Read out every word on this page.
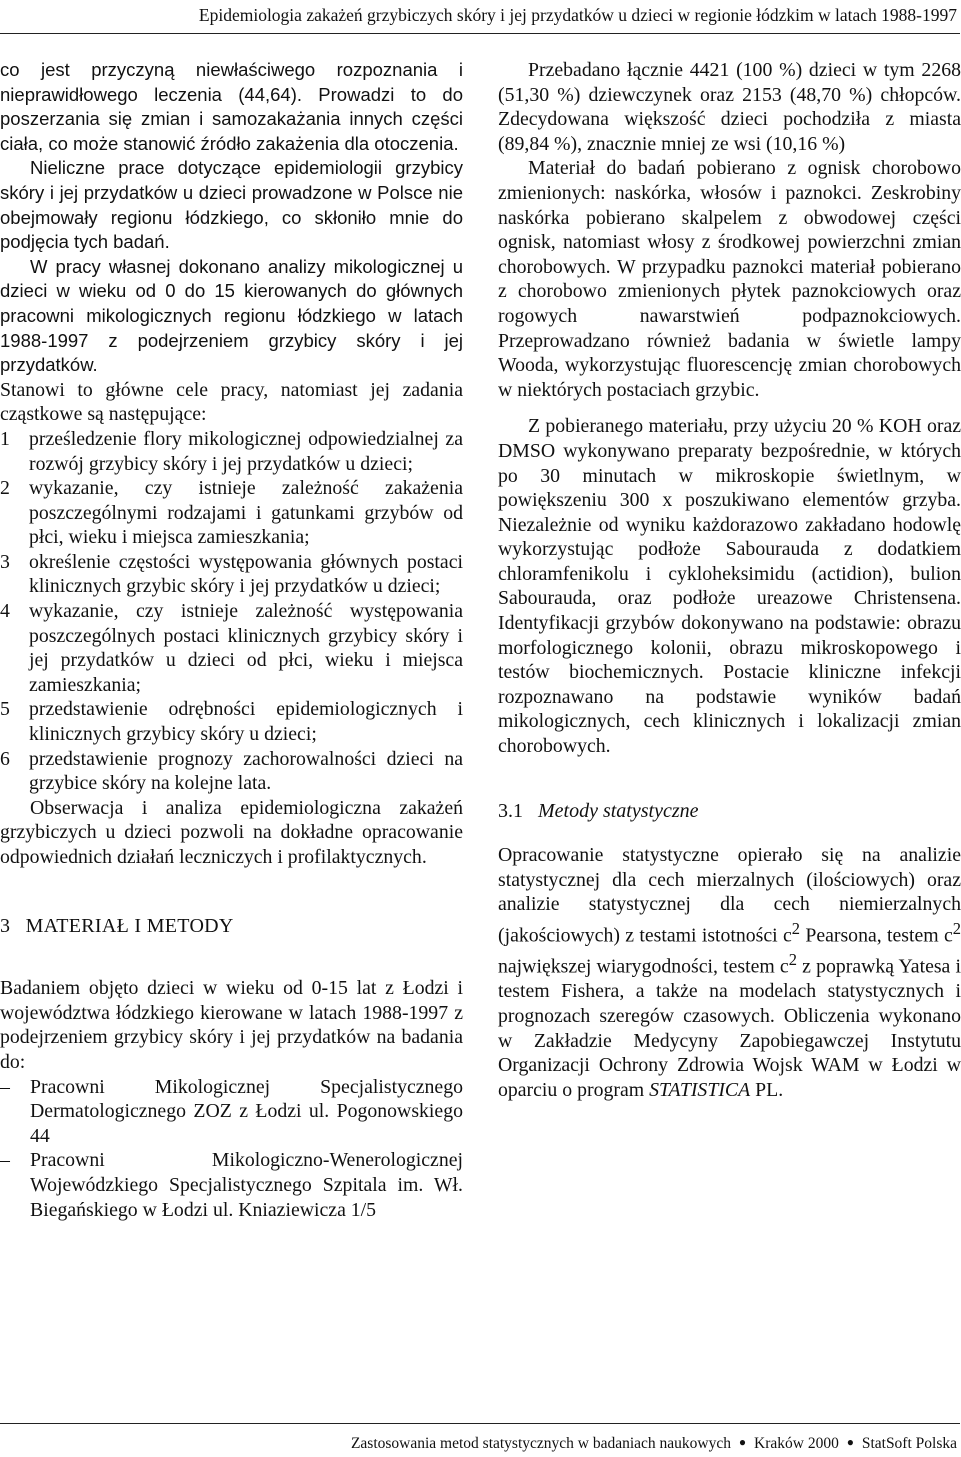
Epidemiologia zakażeń grzybiczych skóry i jej przydatków u dzieci w regionie łódzkim w latach 1988-1997

co jest przyczyną niewłaściwego rozpoznania i nieprawidłowego leczenia (44,64). Prowadzi to do poszerzania się zmian i samozakażania innych części ciała, co może stanowić źródło zakażenia dla otoczenia.

Nieliczne prace dotyczące epidemiologii grzybicy skóry i jej przydatków u dzieci prowadzone w Polsce nie obejmowały regionu łódzkiego, co skłoniło mnie do podjęcia tych badań.

W pracy własnej dokonano analizy mikologicznej u dzieci w wieku od 0 do 15 kierowanych do głównych pracowni mikologicznych regionu łódzkiego w latach 1988-1997 z podejrzeniem grzybicy skóry i jej przydatków.

Stanowi to główne cele pracy, natomiast jej zadania cząstkowe są następujące:

1 prześledzenie flory mikologicznej odpowiedzialnej za rozwój grzybicy skóry i jej przydatków u dzieci;
2 wykazanie, czy istnieje zależność zakażenia poszczególnymi rodzajami i gatunkami grzybów od płci, wieku i miejsca zamieszkania;
3 określenie częstości występowania głównych postaci klinicznych grzybic skóry i jej przydatków u dzieci;
4 wykazanie, czy istnieje zależność występowania poszczególnych postaci klinicznych grzybicy skóry i jej przydatków u dzieci od płci, wieku i miejsca zamieszkania;
5 przedstawienie odrębności epidemiologicznych i klinicznych grzybicy skóry u dzieci;
6 przedstawienie prognozy zachorowalności dzieci na grzybice skóry na kolejne lata.

Obserwacja i analiza epidemiologiczna zakażeń grzybiczych u dzieci pozwoli na dokładne opracowanie odpowiednich działań leczniczych i profilaktycznych.

3 MATERIAŁ I METODY

Badaniem objęto dzieci w wieku od 0-15 lat z Łodzi i województwa łódzkiego kierowane w latach 1988-1997 z podejrzeniem grzybicy skóry i jej przydatków na badania do:

–	Pracowni Mikologicznej Specjalistycznego Dermatologicznego ZOZ z Łodzi ul. Pogonowskiego 44
–	Pracowni Mikologiczno-Wenerologicznej Wojewódzkiego Specjalistycznego Szpitala im. Wł. Biegańskiego w Łodzi ul. Kniaziewicza 1/5

Przebadano łącznie 4421 (100 %) dzieci w tym 2268 (51,30 %) dziewczynek oraz 2153 (48,70 %) chłopców. Zdecydowana większość dzieci pochodziła z miasta (89,84 %), znacznie mniej ze wsi (10,16 %)

Materiał do badań pobierano z ognisk chorobowo zmienionych: naskórka, włosów i paznokci. Zeskrobiny naskórka pobierano skalpelem z obwodowej części ognisk, natomiast włosy z środkowej powierzchni zmian chorobowych. W przypadku paznokci materiał pobierano z chorobowo zmienionych płytek paznokciowych oraz rogowych nawarstwień podpaznokciowych. Przeprowadzano również badania w świetle lampy Wooda, wykorzystując fluorescencję zmian chorobowych w niektórych postaciach grzybic.

Z pobieranego materiału, przy użyciu 20 % KOH oraz DMSO wykonywano preparaty bezpośrednie, w których po 30 minutach w mikroskopie świetlnym, w powiększeniu 300 x poszukiwano elementów grzyba. Niezależnie od wyniku każdorazowo zakładano hodowlę wykorzystując podłoże Sabourauda z dodatkiem chloramfenikolu i cykloheksimidu (actidion), bulion Sabourauda, oraz podłoże ureazowe Christensena. Identyfikacji grzybów dokonywano na podstawie: obrazu morfologicznego kolonii, obrazu mikroskopowego i testów biochemicznych. Postacie kliniczne infekcji rozpoznawano na podstawie wyników badań mikologicznych, cech klinicznych i lokalizacji zmian chorobowych.

3.1 Metody statystyczne

Opracowanie statystyczne opierało się na analizie statystycznej dla cech mierzalnych (ilościowych) oraz analizie statystycznej dla cech niemierzalnych (jakościowych) z testami istotności $c^2$ Pearsona, testem $c^2$ największej wiarygodności, testem $c^2$ z poprawką Yatesa i testem Fishera, a także na modelach statystycznych i prognozach szeregów czasowych. Obliczenia wykonano w Zakładzie Medycyny Zapobiegawczej Instytutu Organizacji Ochrony Zdrowia Wojsk WAM w Łodzi w oparciu o program STATISTICA PL.

Zastosowania metod statystycznych w badaniach naukowych ● Kraków 2000 ● StatSoft Polska
